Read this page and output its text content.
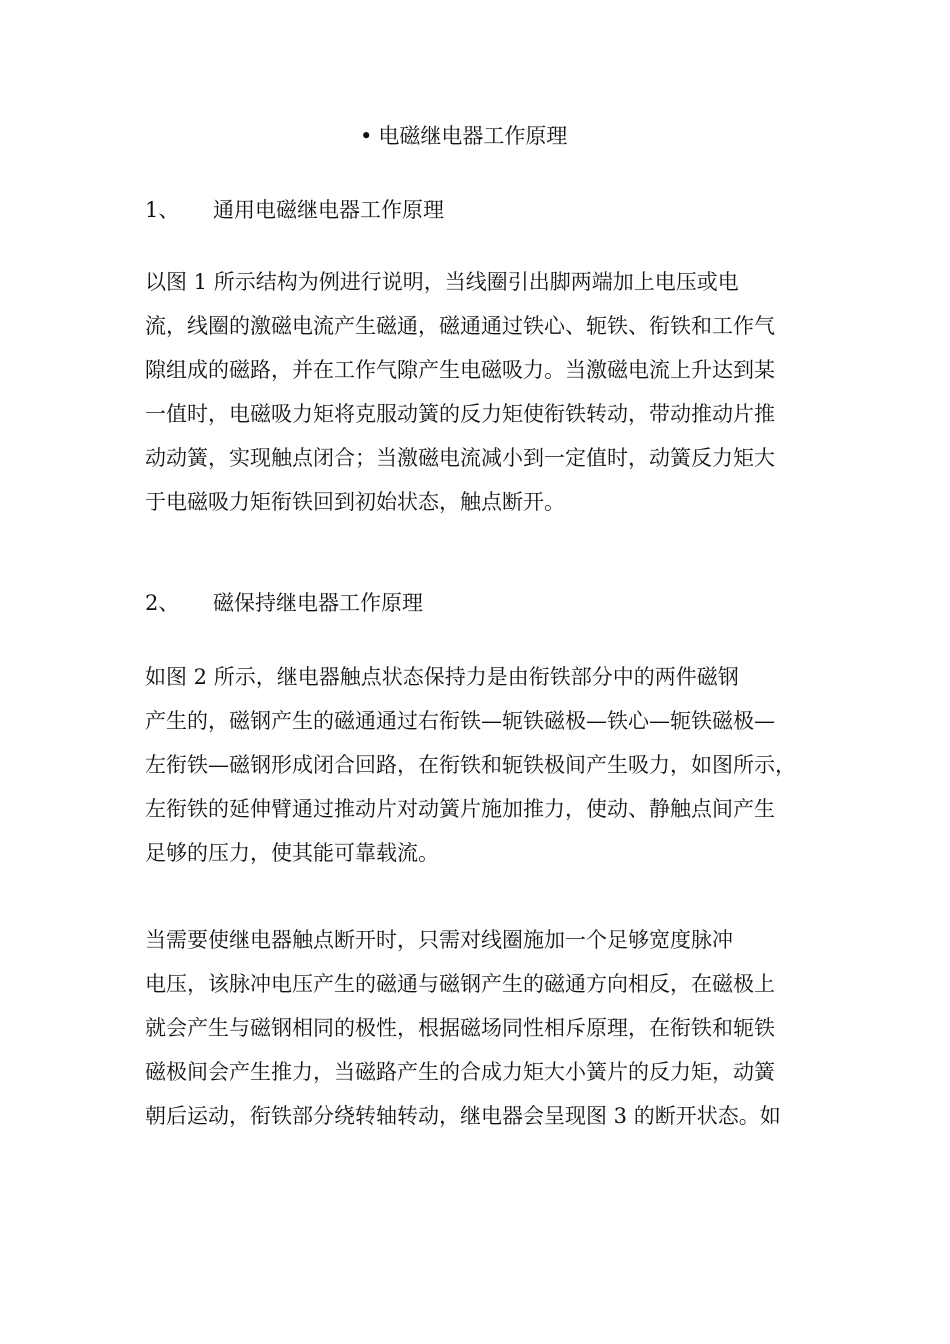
• 电磁继电器工作原理
1、 通用电磁继电器工作原理

以图 1 所示结构为例进行说明，当线圈引出脚两端加上电压或电
流，线圈的激磁电流产生磁通，磁通通过铁心、轭铁、衔铁和工作气
隙组成的磁路，并在工作气隙产生电磁吸力。当激磁电流上升达到某
一值时，电磁吸力矩将克服动簧的反力矩使衔铁转动，带动推动片推
动动簧，实现触点闭合；当激磁电流减小到一定值时，动簧反力矩大
于电磁吸力矩衔铁回到初始状态，触点断开。

2、 磁保持继电器工作原理

如图 2 所示，继电器触点状态保持力是由衔铁部分中的两件磁钢
产生的，磁钢产生的磁通通过右衔铁—轭铁磁极—铁心—轭铁磁极—
左衔铁—磁钢形成闭合回路，在衔铁和轭铁极间产生吸力，如图所示，
左衔铁的延伸臂通过推动片对动簧片施加推力，使动、静触点间产生
足够的压力，使其能可靠载流。

当需要使继电器触点断开时，只需对线圈施加一个足够宽度脉冲
电压，该脉冲电压产生的磁通与磁钢产生的磁通方向相反，在磁极上
就会产生与磁钢相同的极性，根据磁场同性相斥原理，在衔铁和轭铁
磁极间会产生推力，当磁路产生的合成力矩大小簧片的反力矩，动簧
朝后运动，衔铁部分绕转轴转动，继电器会呈现图 3 的断开状态。如
